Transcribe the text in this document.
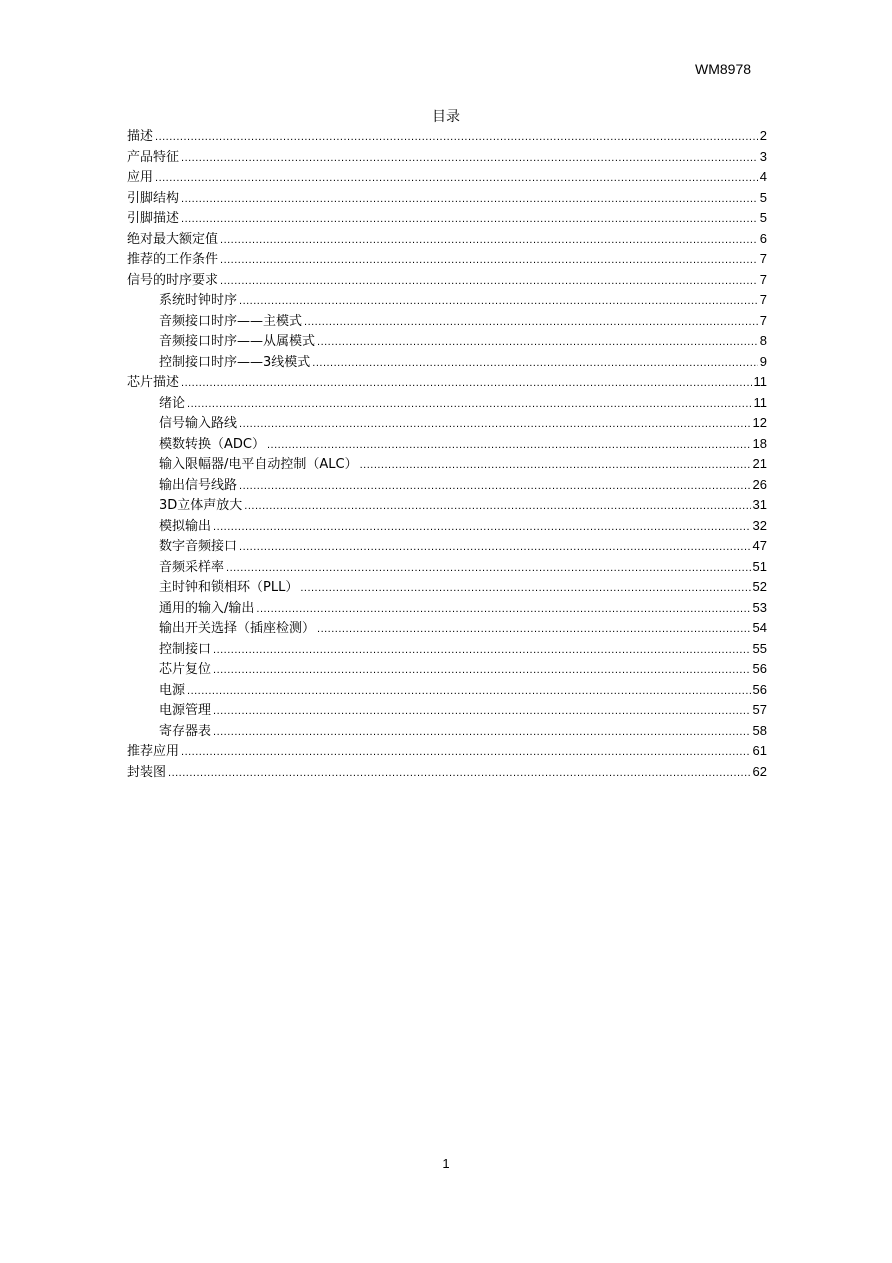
WM8978
目录
描述 .....	2
产品特征 .....	3
应用 .....	4
引脚结构 .....	5
引脚描述 .....	5
绝对最大额定值 .....	6
推荐的工作条件 .....	7
信号的时序要求 .....	7
系统时钟时序 .....	7
音频接口时序——主模式 .....	7
音频接口时序——从属模式 .....	8
控制接口时序——3线模式 .....	9
芯片描述 .....	11
绪论 .....	11
信号输入路线 .....	12
模数转换（ADC） .....	18
输入限幅器/电平自动控制（ALC） .....	21
输出信号线路 .....	26
3D立体声放大 .....	31
模拟输出 .....	32
数字音频接口 .....	47
音频采样率 .....	51
主时钟和锁相环（PLL） .....	52
通用的输入/输出 .....	53
输出开关选择（插座检测） .....	54
控制接口 .....	55
芯片复位 .....	56
电源 .....	56
电源管理 .....	57
寄存器表 .....	58
推荐应用 .....	61
封装图 .....	62
1
